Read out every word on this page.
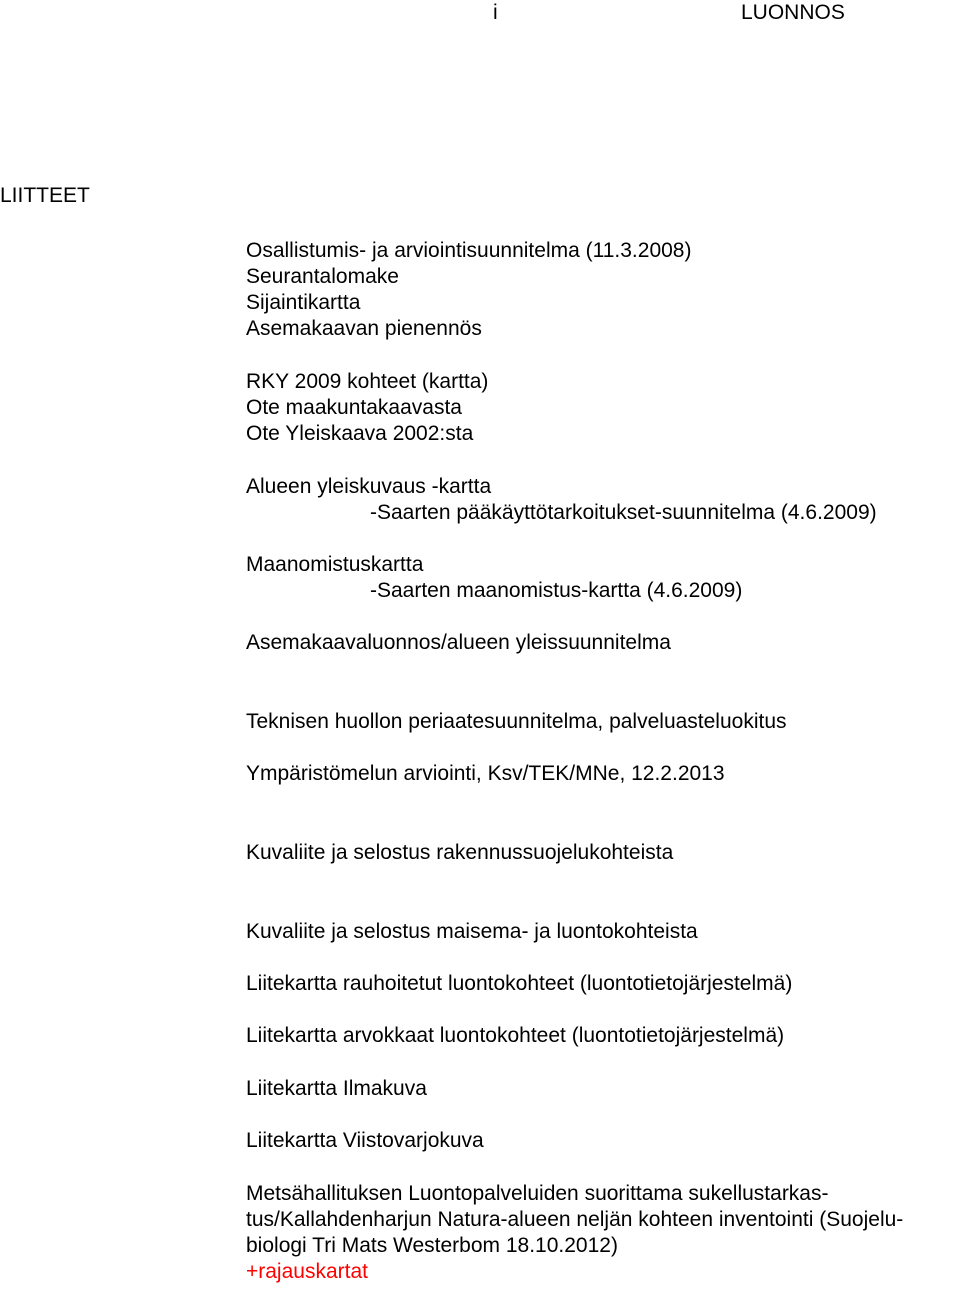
i	LUONNOS

LIITTEET

Osallistumis- ja arviointisuunnitelma (11.3.2008)

Seurantalomake

Sijaintikartta

Asemakaavan pienennös

RKY 2009 kohteet (kartta)

Ote maakuntakaavasta

Ote Yleiskaava 2002:sta

Alueen yleiskuvaus -kartta

-Saarten pääkäyttötarkoitukset-suunnitelma (4.6.2009)

Maanomistuskartta

-Saarten maanomistus-kartta (4.6.2009)

Asemakaavaluonnos/alueen yleissuunnitelma

Teknisen huollon periaatesuunnitelma, palveluasteluokitus

Ympäristömelun arviointi, Ksv/TEK/MNe, 12.2.2013

Kuvaliite ja selostus rakennussuojelukohteista

Kuvaliite ja selostus maisema- ja luontokohteista

Liitekartta rauhoitetut luontokohteet (luontotietojärjestelmä)

Liitekartta arvokkaat luontokohteet (luontotietojärjestelmä)

Liitekartta Ilmakuva

Liitekartta Viistovarjokuva

Metsähallituksen Luontopalveluiden suorittama sukellustarkas-

tus/Kallahdenharjun Natura-alueen neljän kohteen inventointi (Suojelu-

biologi Tri Mats Westerbom 18.10.2012)

+rajauskartat
